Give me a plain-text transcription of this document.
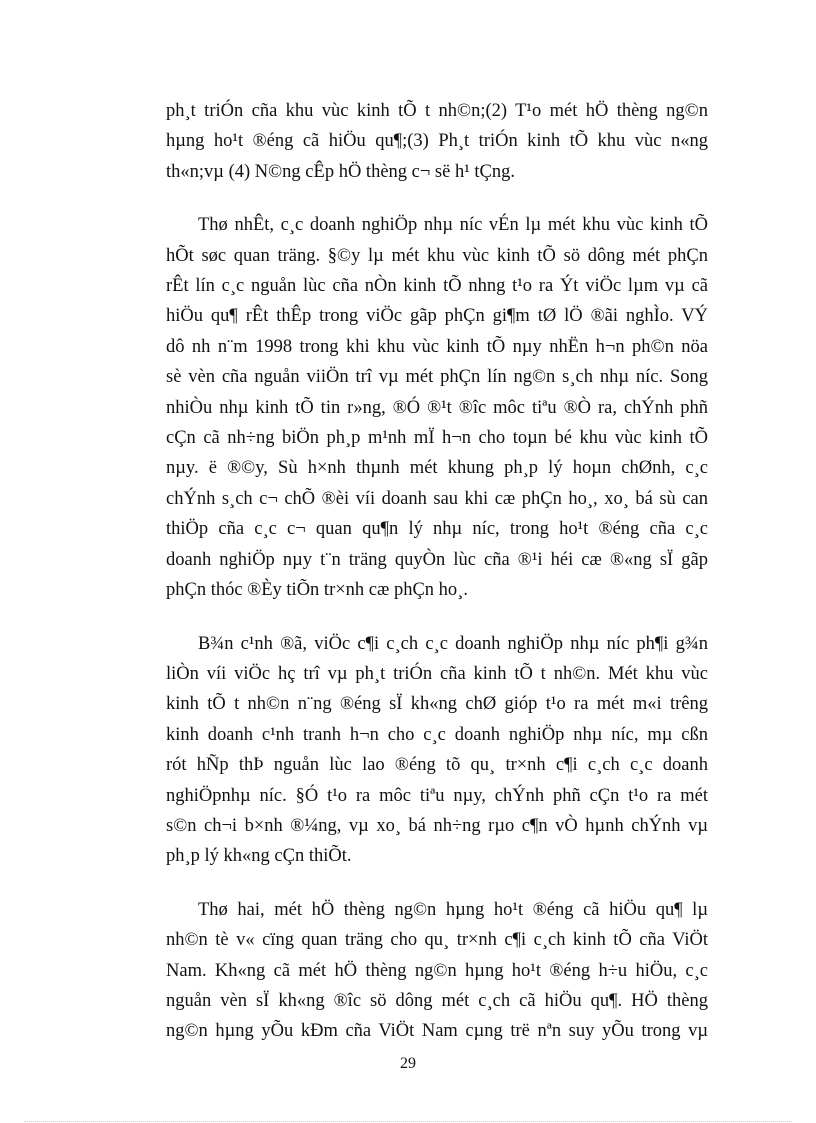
ph¸t triÓn cña khu vùc kinh tÕ t nh©n;(2) T¹o mét hÖ thèng ng©n
hµng ho¹t ®éng cã hiÖu qu¶;(3) Ph¸t triÓn kinh tÕ khu vùc n«ng
th«n;vµ (4) N©ng cÊp hÖ thèng c¬ së h¹ tÇng.

Thø nhÊt, c¸c doanh nghiÖp nhµ níc vÉn lµ mét khu vùc kinh tÕ
hÕt søc quan träng. §©y lµ mét khu vùc kinh tÕ sö dông mét phÇn
rÊt lín c¸c nguån lùc cña nÒn kinh tÕ nhng t¹o ra Ýt viÖc lµm vµ cã
hiÖu qu¶ rÊt thÊp trong viÖc gãp phÇn gi¶m tØ lÖ ®ãi nghÌo. VÝ
dô nh n¨m 1998 trong khi khu vùc kinh tÕ nµy nhËn h¬n ph©n nöa
sè vèn cña nguån viiÖn trî vµ mét phÇn lín ng©n s¸ch nhµ níc. Song
nhiÒu nhµ kinh tÕ tin r»ng, ®Ó ®¹t ®îc môc tiªu ®Ò ra, chÝnh phñ
cÇn cã nh÷ng biÖn ph¸p m¹nh mÏ h¬n cho toµn bé khu vùc kinh tÕ
nµy. ë ®©y, Sù h×nh thµnh mét khung ph¸p lý hoµn chØnh, c¸c
chÝnh s¸ch c¬ chÕ ®èi víi doanh sau khi cæ phÇn ho¸, xo¸ bá sù can
thiÖp cña c¸c c¬ quan qu¶n lý nhµ níc, trong ho¹t ®éng cña c¸c
doanh nghiÖp nµy t¨n träng quyÒn lùc cña ®¹i héi cæ ®«ng sÏ gãp
phÇn thóc ®Èy tiÕn tr×nh cæ phÇn ho¸.

B¾n c¹nh ®ã, viÖc c¶i c¸ch c¸c doanh nghiÖp nhµ níc ph¶i g¾n
liÒn víi viÖc hç trî vµ ph¸t triÓn cña kinh tÕ t nh©n. Mét khu vùc
kinh tÕ t nh©n n¨ng ®éng sÏ kh«ng chØ gióp t¹o ra mét m«i trêng
kinh doanh c¹nh tranh h¬n cho c¸c doanh nghiÖp nhµ níc, mµ cßn
rót hÑp thÞ nguån lùc lao ®éng tõ qu¸ tr×nh c¶i c¸ch c¸c doanh
nghiÖpnhµ níc. §Ó t¹o ra môc tiªu nµy, chÝnh phñ cÇn t¹o ra mét
s©n ch¬i b×nh ®¼ng, vµ xo¸ bá nh÷ng rµo c¶n vÒ hµnh chÝnh vµ
ph¸p lý kh«ng cÇn thiÕt.

Thø hai, mét hÖ thèng ng©n hµng ho¹t ®éng cã hiÖu qu¶ lµ
nh©n tè v« cïng quan träng cho qu¸ tr×nh c¶i c¸ch kinh tÕ cña ViÖt
Nam. Kh«ng cã mét hÖ thèng ng©n hµng ho¹t ®éng h÷u hiÖu, c¸c
nguån vèn sÏ kh«ng ®îc sö dông mét c¸ch cã hiÖu qu¶. HÖ thèng
ng©n hµng yÕu kÐm cña ViÖt Nam cµng trë nªn suy yÕu trong vµ

29
